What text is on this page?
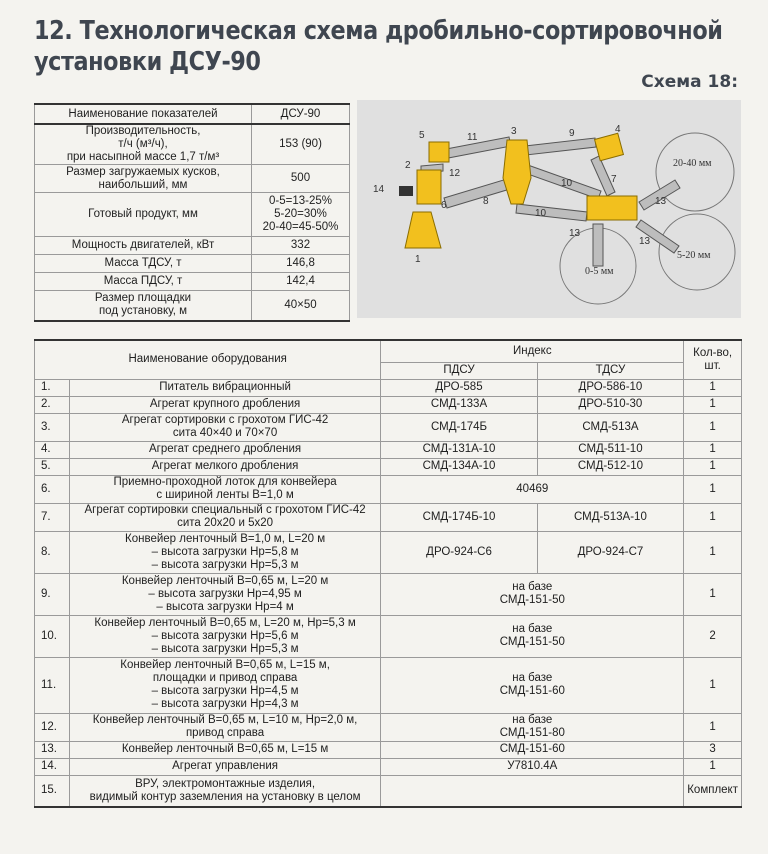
12. Технологическая схема дробильно-сортировочной
установки ДСУ-90
Схема 18:
Наименование показателей	ДСУ-90
Производительность,
т/ч (м³/ч),
при насыпной массе 1,7 т/м³	153 (90)
Размер загружаемых кусков,
наибольший, мм	500
Готовый продукт, мм	0-5=13-25%
5-20=30%
20-40=45-50%
Мощность двигателей, кВт	332
Масса ТДСУ, т	146,8
Масса ПДСУ, т	142,4
Размер площадки
под установку, м	40×50
1
2
3	4
5
6
7
8
9
10
10
11
12
13
13
13
14
20-40 мм
5-20 мм
0-5 мм
Наименование оборудования		Индекс		Кол-во,
шт.
		ПДСУ	ТДСУ	
1.	Питатель вибрационный	ДРО-585	ДРО-586-10	1
2.	Агрегат крупного дробления	СМД-133А	ДРО-510-30	1
3.	Агрегат сортировки с грохотом ГИС-42
сита 40×40 и 70×70	СМД-174Б	СМД-513А	1
4.	Агрегат среднего дробления	СМД-131А-10	СМД-511-10	1
5.	Агрегат мелкого дробления	СМД-134А-10	СМД-512-10	1
6.	Приемно-проходной лоток для конвейера
с шириной ленты В=1,0 м	40469		1
7.	Агрегат сортировки специальный с грохотом ГИС-42
сита 20x20 и 5x20	СМД-174Б-10	СМД-513А-10	1
8.	Конвейер ленточный В=1,0 м, L=20 м
– высота загрузки Нр=5,8 м
– высота загрузки Нр=5,3 м	ДРО-924-С6	ДРО-924-С7	1
9.	Конвейер ленточный В=0,65 м, L=20 м
– высота загрузки Нр=4,95 м
– высота загрузки Нр=4 м	на базе
СМД-151-50		1
10.	Конвейер ленточный В=0,65 м, L=20 м, Нр=5,3 м
– высота загрузки Нр=5,6 м
– высота загрузки Нр=5,3 м	на базе
СМД-151-50		2
11.	Конвейер ленточный В=0,65 м, L=15 м,
площадки и привод справа
– высота загрузки Нр=4,5 м
– высота загрузки Нр=4,3 м	на базе
СМД-151-60		1
12.	Конвейер ленточный В=0,65 м, L=10 м, Нр=2,0 м,
привод справа	на базе
СМД-151-80		1
13.	Конвейер ленточный В=0,65 м, L=15 м	СМД-151-60		3
14.	Агрегат управления	У7810.4А		1
15.	ВРУ, электромонтажные изделия,
видимый контур заземления на установку в целом			Комплект
